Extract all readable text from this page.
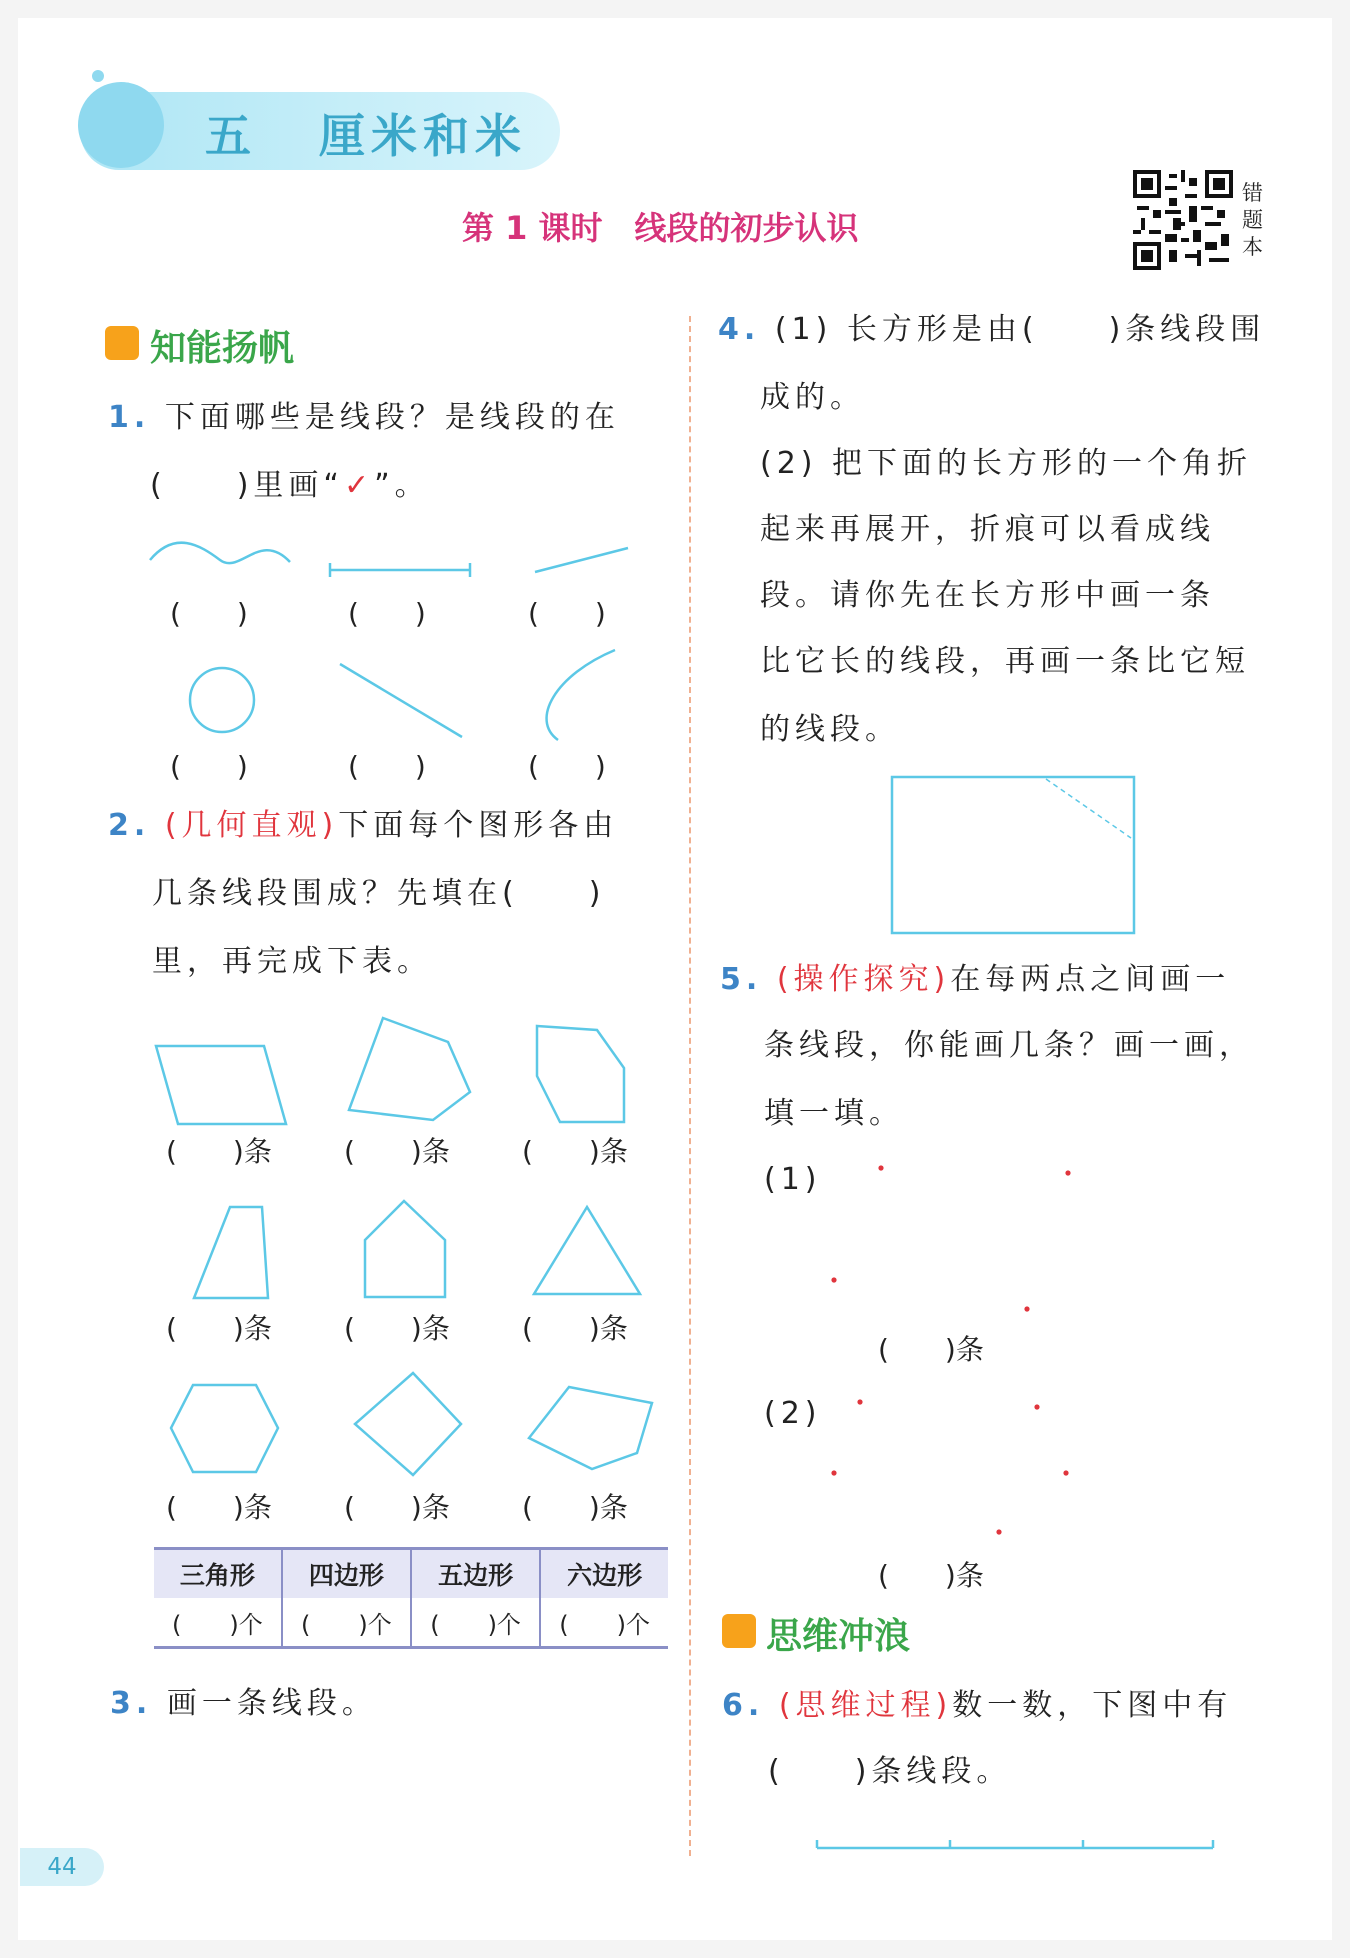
五 厘米和米
第 1 课时　线段的初步认识
错题本
知能扬帆
1. 下面哪些是线段？是线段的在
(　　)里画“✓”。
(　　)	(　　)	(　　)
(　　)	(　　)	(　　)
2. (几何直观)下面每个图形各由
几条线段围成？先填在(　　)
里，再完成下表。
(　　)条	(　　)条	(　　)条
(　　)条	(　　)条	(　　)条
(　　)条	(　　)条	(　　)条
三角形	四边形	五边形	六边形
(　　)个	(　　)个	(　　)个	(　　)个
3. 画一条线段。
4. (1) 长方形是由(　　)条线段围
成的。
(2) 把下面的长方形的一个角折
起来再展开，折痕可以看成线
段。请你先在长方形中画一条
比它长的线段，再画一条比它短
的线段。
5. (操作探究)在每两点之间画一
条线段，你能画几条？画一画，
填一填。
(1)
(　　)条
(2)
(　　)条
思维冲浪
6. (思维过程)数一数，下图中有
(　　)条线段。
44
